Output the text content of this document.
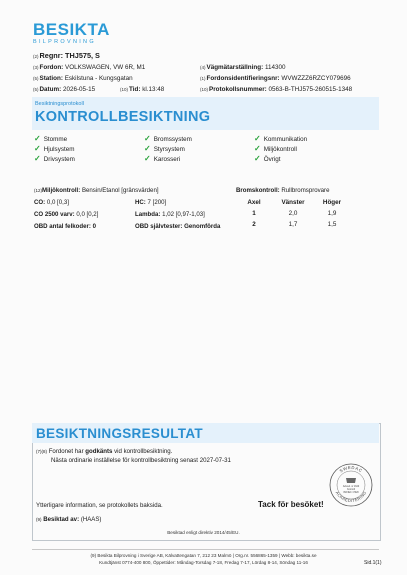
BESIKTA
BILPROVNING
(2)Regnr: THJ575, S
(3)Fordon: VOLKSWAGEN, VW 6R, M1
(5)Station: Eskilstuna - Kungsgatan
(5)Datum: 2026-05-15	(10)Tid: kl.13:48
(4)Vägmätarställning: 114300
(1)Fordonsidentifieringsnr: WVWZZZ6RZCY079696
(10)Protokollsnummer: 0563-B-THJ575-260515-1348
Besiktningsprotokoll
KONTROLLBESIKTNING
✓ Stomme
✓ Hjulsystem
✓ Drivsystem
✓ Bromssystem
✓ Styrsystem
✓ Karosseri
✓ Kommunikation
✓ Miljökontroll
✓ Övrigt
(12)Miljökontroll: Bensin/Etanol [gränsvärden]
CO: 0,0 [0,3]	HC: 7 [200]
CO 2500 varv: 0,0 [0,2]	Lambda: 1,02 [0,97-1,03]
OBD antal felkoder: 0	OBD självtester: Genomförda
Bromskontroll: Rullbromsprovare
Axel	Vänster	Höger
1	2,0	1,9
2	1,7	1,5
BESIKTNINGSRESULTAT
(7)(8) Fordonet har godkänts vid kontrollbesiktning.
Nästa ordinarie inställelse för kontrollbesiktning senast 2027-07-31
Ytterligare information, se protokollets baksida.	Tack för besöket!
(9) Besiktad av: (HAAS)
SWEDAC
ACKREDITERING
Ackred. nr 1640
Kontroll
ISO/IEC 17020
Besiktad enligt direktiv 2014/45/EU.
(9) Besikta Bilprovning i Sverige AB, Kälvattengatan 7, 212 23 Malmö | Org.nr. 556865-1359 | Webb: besikta.se
Kundtjänst 0774-400 800, Öppettider: Måndag-Torsdag 7-18, Fredag 7-17, Lördag 8-14, Söndag 11-16	Sid.1(1)
